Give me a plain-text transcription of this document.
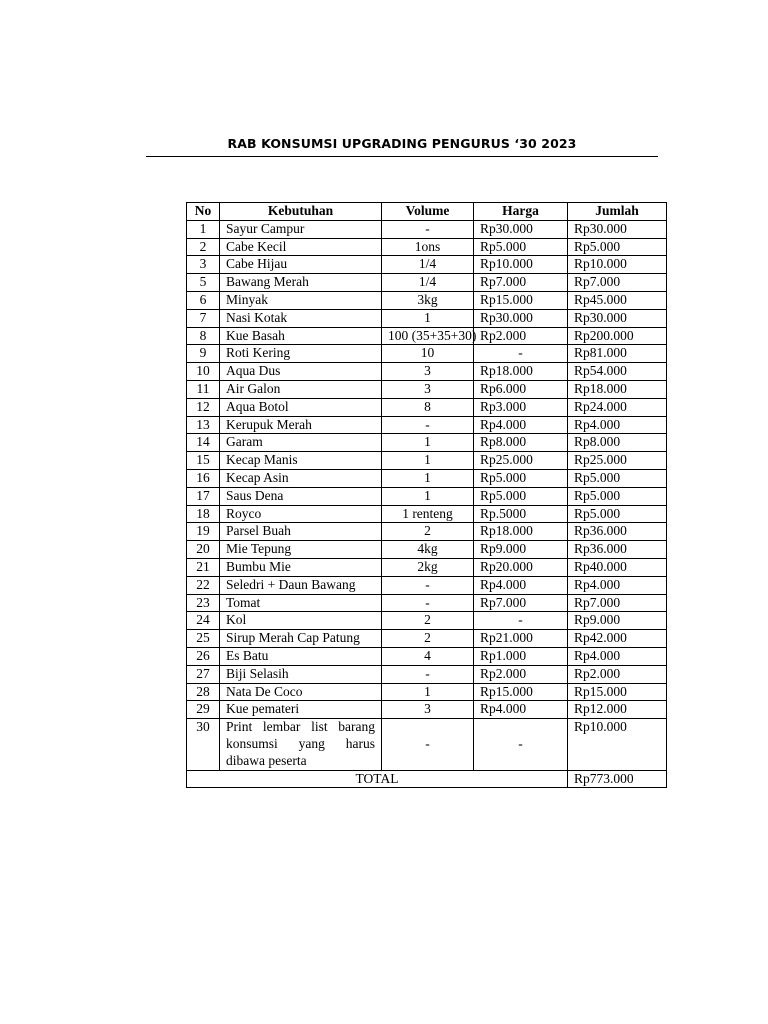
RAB KONSUMSI UPGRADING PENGURUS ‘30 2023
No	Kebutuhan	Volume	Harga	Jumlah
1	Sayur Campur	-	Rp30.000	Rp30.000
2	Cabe Kecil	1ons	Rp5.000	Rp5.000
3	Cabe Hijau	1/4	Rp10.000	Rp10.000
5	Bawang Merah	1/4	Rp7.000	Rp7.000
6	Minyak	3kg	Rp15.000	Rp45.000
7	Nasi Kotak	1	Rp30.000	Rp30.000
8	Kue Basah	100 (35+35+30)	Rp2.000	Rp200.000
9	Roti Kering	10	-	Rp81.000
10	Aqua Dus	3	Rp18.000	Rp54.000
11	Air Galon	3	Rp6.000	Rp18.000
12	Aqua Botol	8	Rp3.000	Rp24.000
13	Kerupuk Merah	-	Rp4.000	Rp4.000
14	Garam	1	Rp8.000	Rp8.000
15	Kecap Manis	1	Rp25.000	Rp25.000
16	Kecap Asin	1	Rp5.000	Rp5.000
17	Saus Dena	1	Rp5.000	Rp5.000
18	Royco	1 renteng	Rp.5000	Rp5.000
19	Parsel Buah	2	Rp18.000	Rp36.000
20	Mie Tepung	4kg	Rp9.000	Rp36.000
21	Bumbu Mie	2kg	Rp20.000	Rp40.000
22	Seledri + Daun Bawang	-	Rp4.000	Rp4.000
23	Tomat	-	Rp7.000	Rp7.000
24	Kol	2	-	Rp9.000
25	Sirup Merah Cap Patung	2	Rp21.000	Rp42.000
26	Es Batu	4	Rp1.000	Rp4.000
27	Biji Selasih	-	Rp2.000	Rp2.000
28	Nata De Coco	1	Rp15.000	Rp15.000
29	Kue pemateri	3	Rp4.000	Rp12.000
30	Print lembar list barang konsumsi yang harus dibawa peserta	-	-	Rp10.000
TOTAL				Rp773.000
